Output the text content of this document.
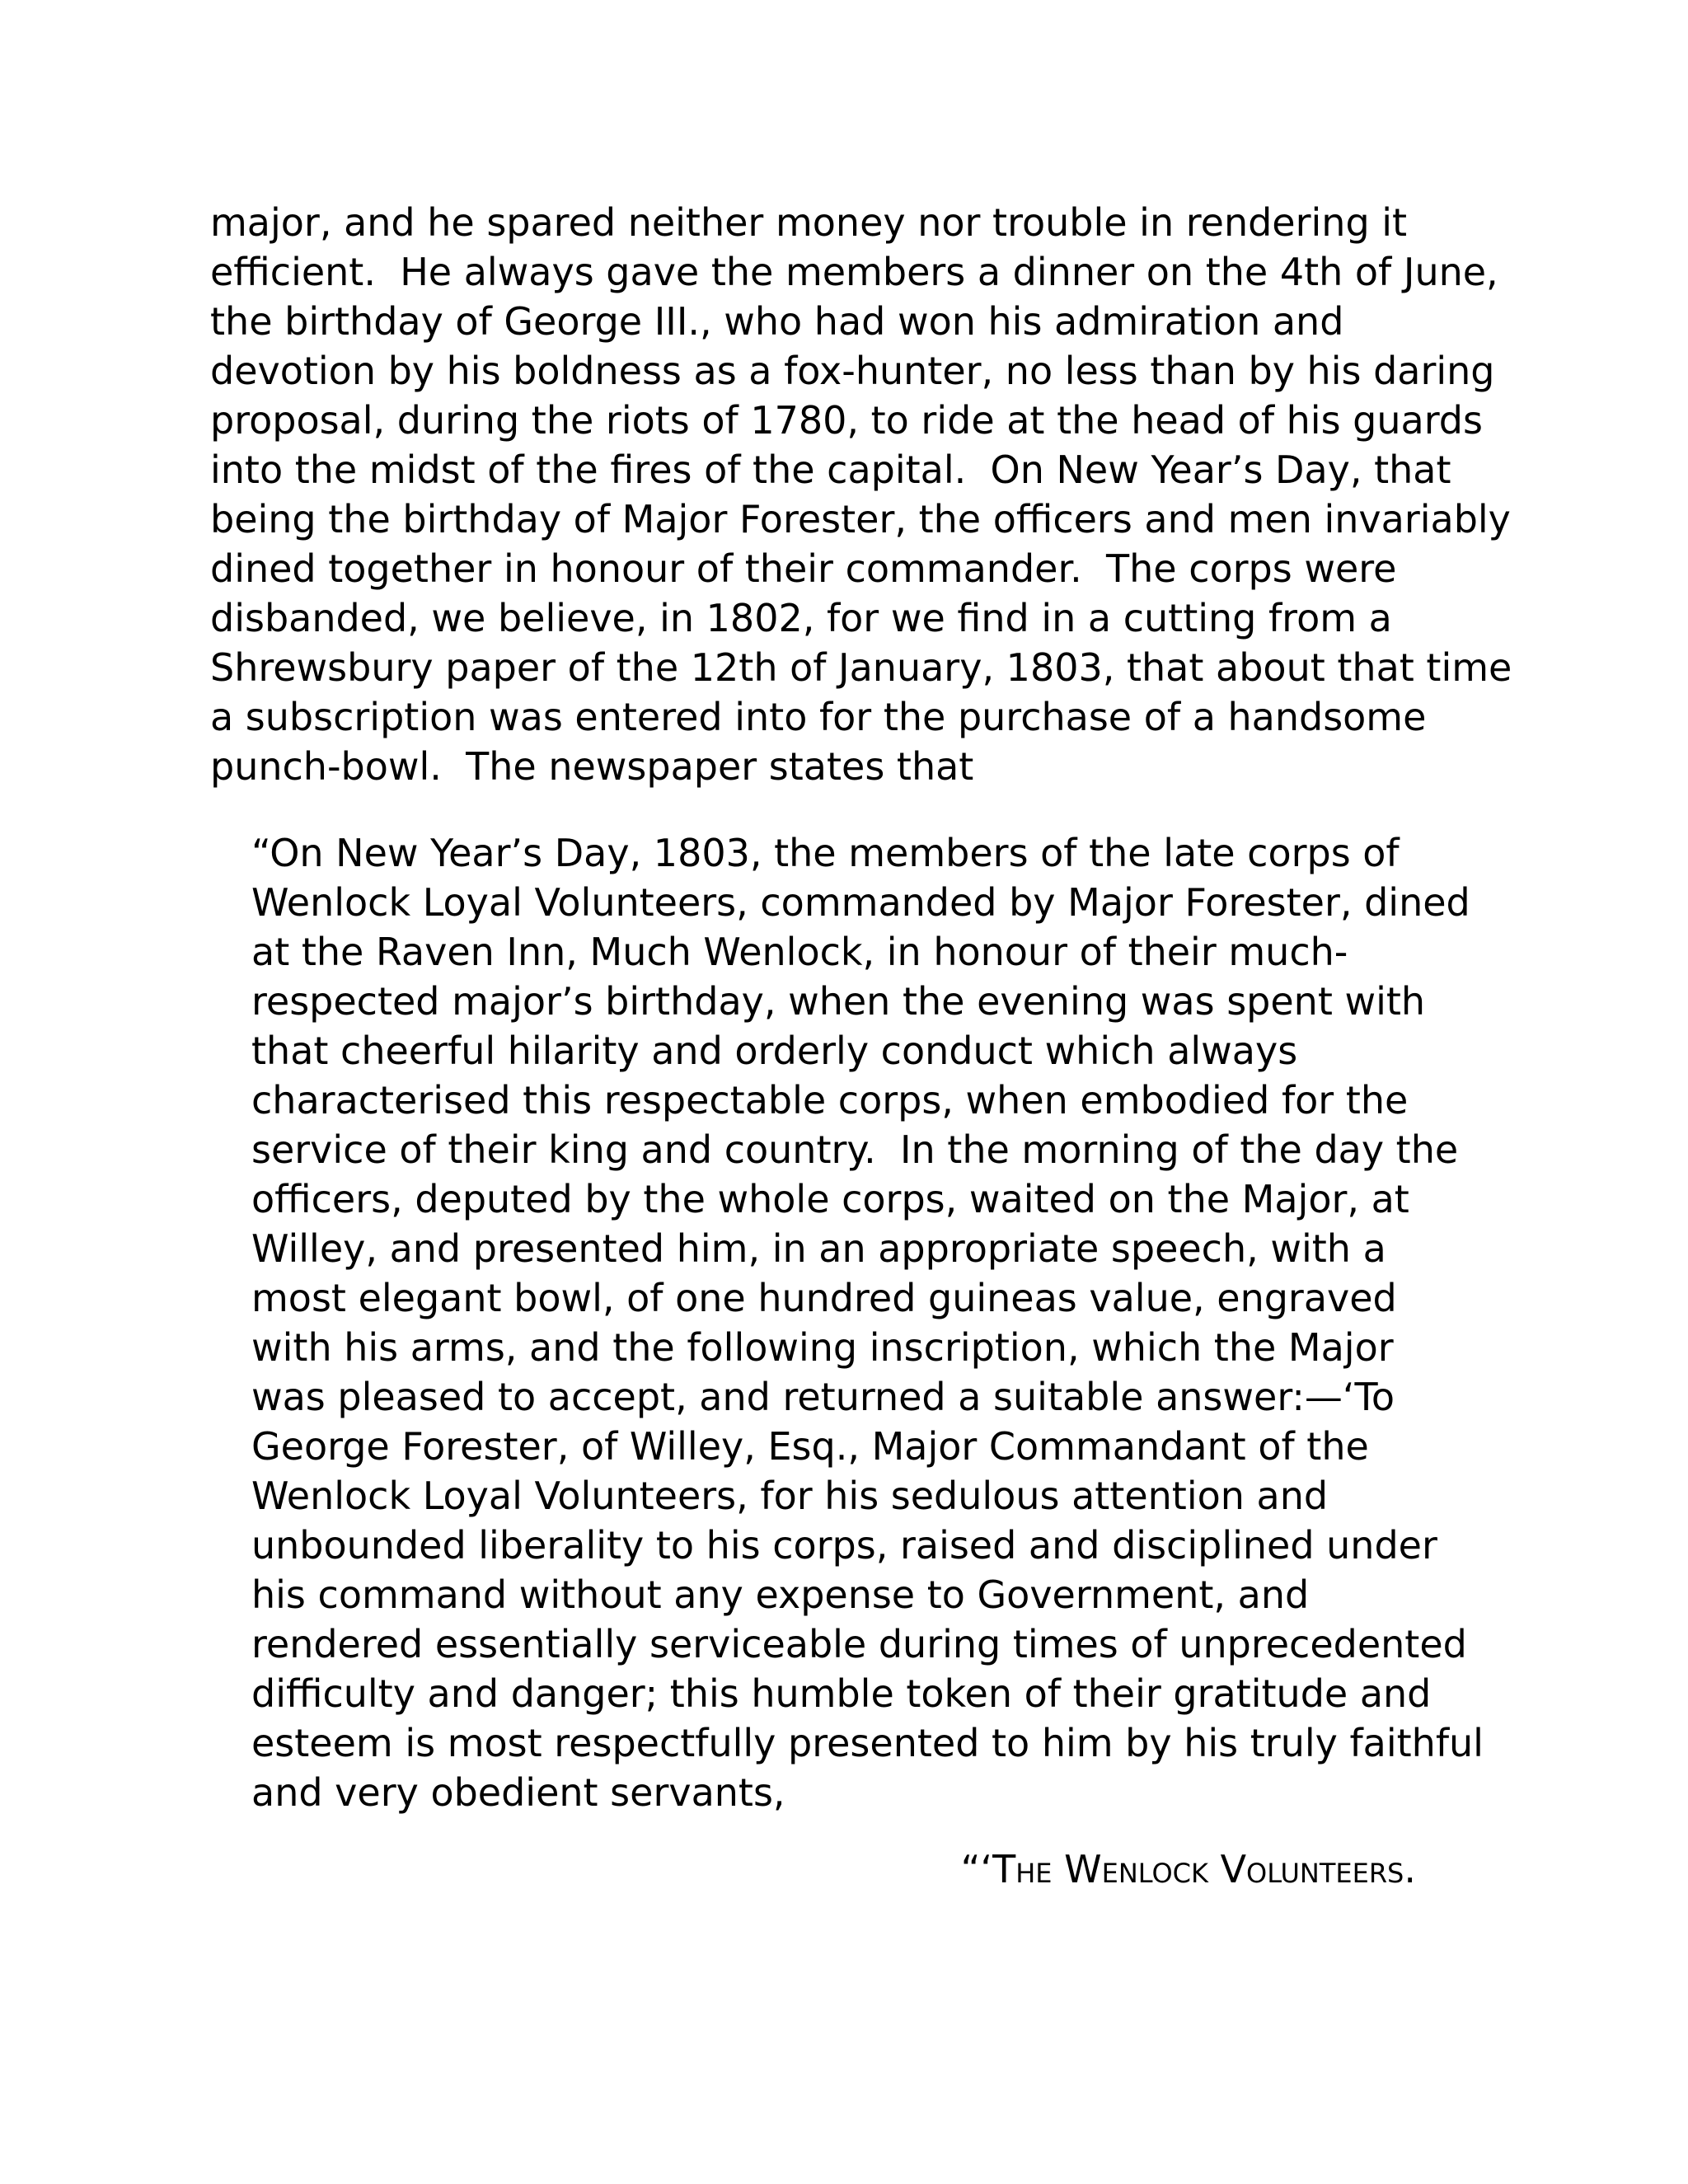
major, and he spared neither money nor trouble in rendering it
efficient.  He always gave the members a dinner on the 4th of June,
the birthday of George III., who had won his admiration and
devotion by his boldness as a fox-hunter, no less than by his daring
proposal, during the riots of 1780, to ride at the head of his guards
into the midst of the fires of the capital.  On New Year’s Day, that
being the birthday of Major Forester, the officers and men invariably
dined together in honour of their commander.  The corps were
disbanded, we believe, in 1802, for we find in a cutting from a
Shrewsbury paper of the 12th of January, 1803, that about that time
a subscription was entered into for the purchase of a handsome
punch-bowl.  The newspaper states that

“On New Year’s Day, 1803, the members of the late corps of
Wenlock Loyal Volunteers, commanded by Major Forester, dined
at the Raven Inn, Much Wenlock, in honour of their much-
respected major’s birthday, when the evening was spent with
that cheerful hilarity and orderly conduct which always
characterised this respectable corps, when embodied for the
service of their king and country.  In the morning of the day the
officers, deputed by the whole corps, waited on the Major, at
Willey, and presented him, in an appropriate speech, with a
most elegant bowl, of one hundred guineas value, engraved
with his arms, and the following inscription, which the Major
was pleased to accept, and returned a suitable answer:—‘To
George Forester, of Willey, Esq., Major Commandant of the
Wenlock Loyal Volunteers, for his sedulous attention and
unbounded liberality to his corps, raised and disciplined under
his command without any expense to Government, and
rendered essentially serviceable during times of unprecedented
difficulty and danger; this humble token of their gratitude and
esteem is most respectfully presented to him by his truly faithful
and very obedient servants,

“‘The Wenlock Volunteers.
